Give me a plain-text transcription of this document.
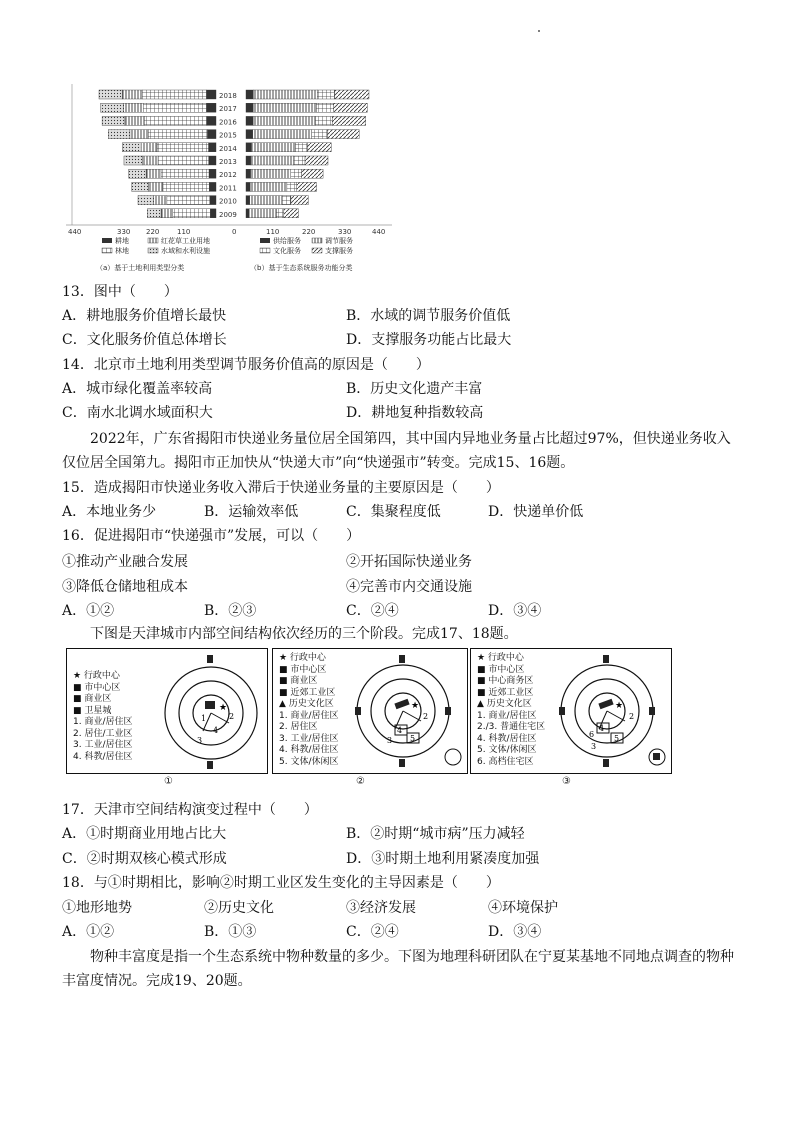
2018
2017
2016
2015
2014
2013
2012
2011
2010
2009
440	330 220	110	0	110	220	330	440
耕地	红花草工业用地
林地	水域和水利设施
供给服务	调节服务
文化服务	支撑服务
（a）基于土地利用类型分类	（b）基于生态系统服务功能分类
13．图中（　　）
A．耕地服务价值增长最快	B．水域的调节服务价值低
C．文化服务价值总体增长	D．支撑服务功能占比最大
14．北京市土地利用类型调节服务价值高的原因是（　　）
A．城市绿化覆盖率较高	B．历史文化遗产丰富
C．南水北调水域面积大	D．耕地复种指数较高
2022年，广东省揭阳市快递业务量位居全国第四，其中国内异地业务量占比超过97%，但快递业务收入仅位居全国第九。揭阳市正加快从“快递大市”向“快递强市”转变。完成15、16题。
15．造成揭阳市快递业务收入滞后于快递业务量的主要原因是（　　）
A．本地业务少	B．运输效率低	C．集聚程度低	D．快递单价低
16．促进揭阳市“快递强市”发展，可以（　　）
①推动产业融合发展	②开拓国际快递业务
③降低仓储地租成本	④完善市内交通设施
A．①②	B．②③	C．②④	D．③④
下图是天津城市内部空间结构依次经历的三个阶段。完成17、18题。
★ 行政中心
■ 市中心区
■ 商业区
■ 卫星城
1. 商业/居住区
2. 居住/工业区
3. 工业/居住区
4. 科教/居住区
★
1	2
3
4
①
★ 行政中心
■ 市中心区
■ 商业区
■ 近郊工业区
▲ 历史文化区
1. 商业/居住区
2. 居住区
3. 工业/居住区
4. 科教/居住区
5. 文体/休闲区
★
4
5
2
3
②
★ 行政中心
■ 市中心区
■ 中心商务区
■ 近郊工业区
▲ 历史文化区
1. 商业/居住区
2./3. 普通住宅区
4. 科教/居住区
5. 文体/休闲区
6. 高档住宅区
★
4
5
6
2
3
③
17．天津市空间结构演变过程中（　　）
A．①时期商业用地占比大	B．②时期“城市病”压力减轻
C．②时期双核心模式形成	D．③时期土地利用紧凑度加强
18．与①时期相比，影响②时期工业区发生变化的主导因素是（　　）
①地形地势	②历史文化	③经济发展	④环境保护
A．①②	B．①③	C．②④	D．③④
物种丰富度是指一个生态系统中物种数量的多少。下图为地理科研团队在宁夏某基地不同地点调查的物种丰富度情况。完成19、20题。
